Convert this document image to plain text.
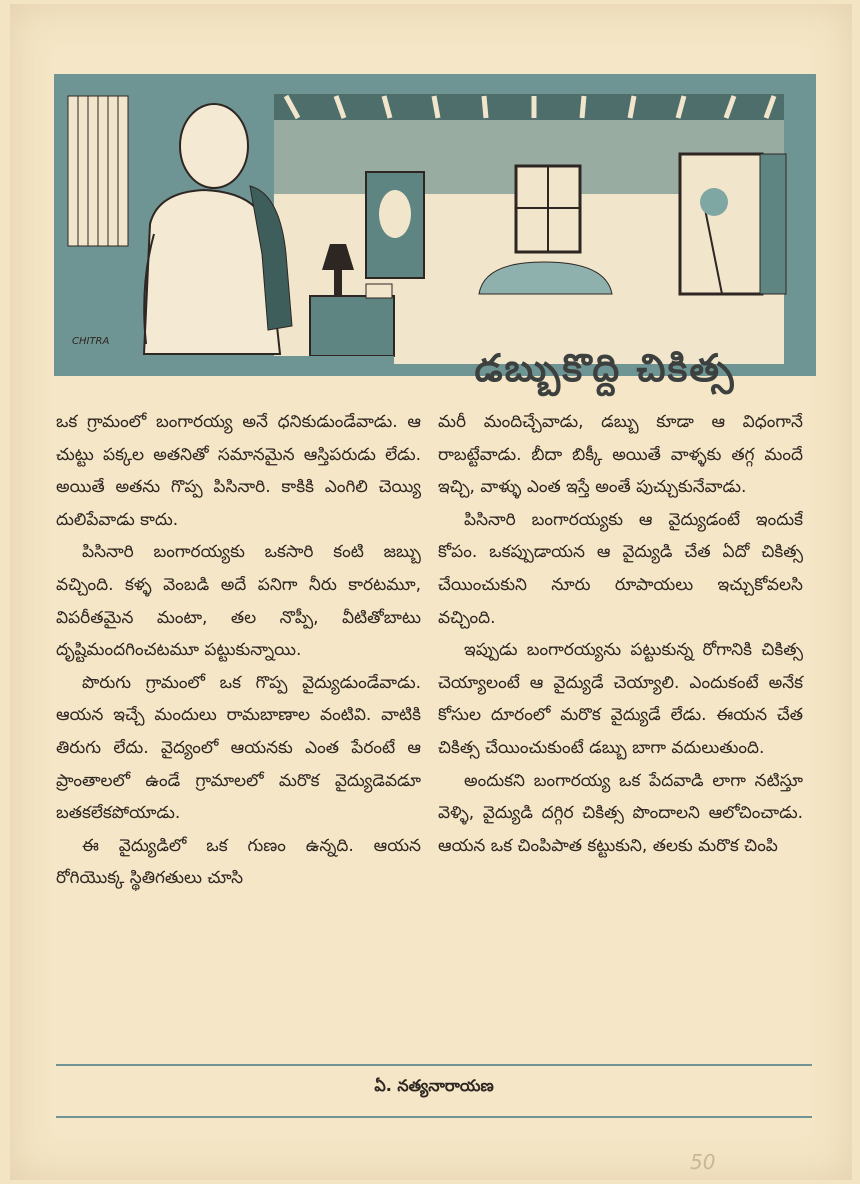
CHITRA
డబ్బుకొద్ది చికిత్స

ఒక గ్రామంలో బంగారయ్య అనే ధనికుడుండేవాడు. ఆ చుట్టు పక్కల అతనితో సమానమైన ఆస్తిపరుడు లేడు. అయితే అతను గొప్ప పిసినారి. కాకికి ఎంగిలి చెయ్యి దులిపేవాడు కాదు.

పిసినారి బంగారయ్యకు ఒకసారి కంటి జబ్బు వచ్చింది. కళ్ళ వెంబడి అదే పనిగా నీరు కారటమూ, విపరీతమైన మంటా, తల నొప్పీ, వీటితోబాటు దృష్టిమందగించటమూ పట్టుకున్నాయి.

పొరుగు గ్రామంలో ఒక గొప్ప వైద్యుడుండేవాడు. ఆయన ఇచ్చే మందులు రామబాణాల వంటివి. వాటికి తిరుగు లేదు. వైద్యంలో ఆయనకు ఎంత పేరంటే ఆ ప్రాంతాలలో ఉండే గ్రామాలలో మరొక వైద్యుడెవడూ బతకలేకపోయాడు.

ఈ వైద్యుడిలో ఒక గుణం ఉన్నది. ఆయన రోగియొక్క స్థితిగతులు చూసి

మరీ మందిచ్చేవాడు, డబ్బు కూడా ఆ విధంగానే రాబట్టేవాడు. బీదా బిక్కీ అయితే వాళ్ళకు తగ్గ మందే ఇచ్చి, వాళ్ళు ఎంత ఇస్తే అంతే పుచ్చుకునేవాడు.

పిసినారి బంగారయ్యకు ఆ వైద్యుడంటే ఇందుకే కోపం. ఒకప్పుడాయన ఆ వైద్యుడి చేత ఏదో చికిత్స చేయించుకుని నూరు రూపాయలు ఇచ్చుకోవలసి వచ్చింది.

ఇప్పుడు బంగారయ్యను పట్టుకున్న రోగానికి చికిత్స చెయ్యాలంటే ఆ వైద్యుడే చెయ్యాలి. ఎందుకంటే అనేక కోసుల దూరంలో మరొక వైద్యుడే లేడు. ఈయన చేత చికిత్స చేయించుకుంటే డబ్బు బాగా వదులుతుంది.

అందుకని బంగారయ్య ఒక పేదవాడి లాగా నటిస్తూ వెళ్ళి, వైద్యుడి దగ్గిర చికిత్స పొందాలని ఆలోచించాడు. ఆయన ఒక చింపిపాత కట్టుకుని, తలకు మరొక చింపి

ఏ. నత్యనారాయణ
50
